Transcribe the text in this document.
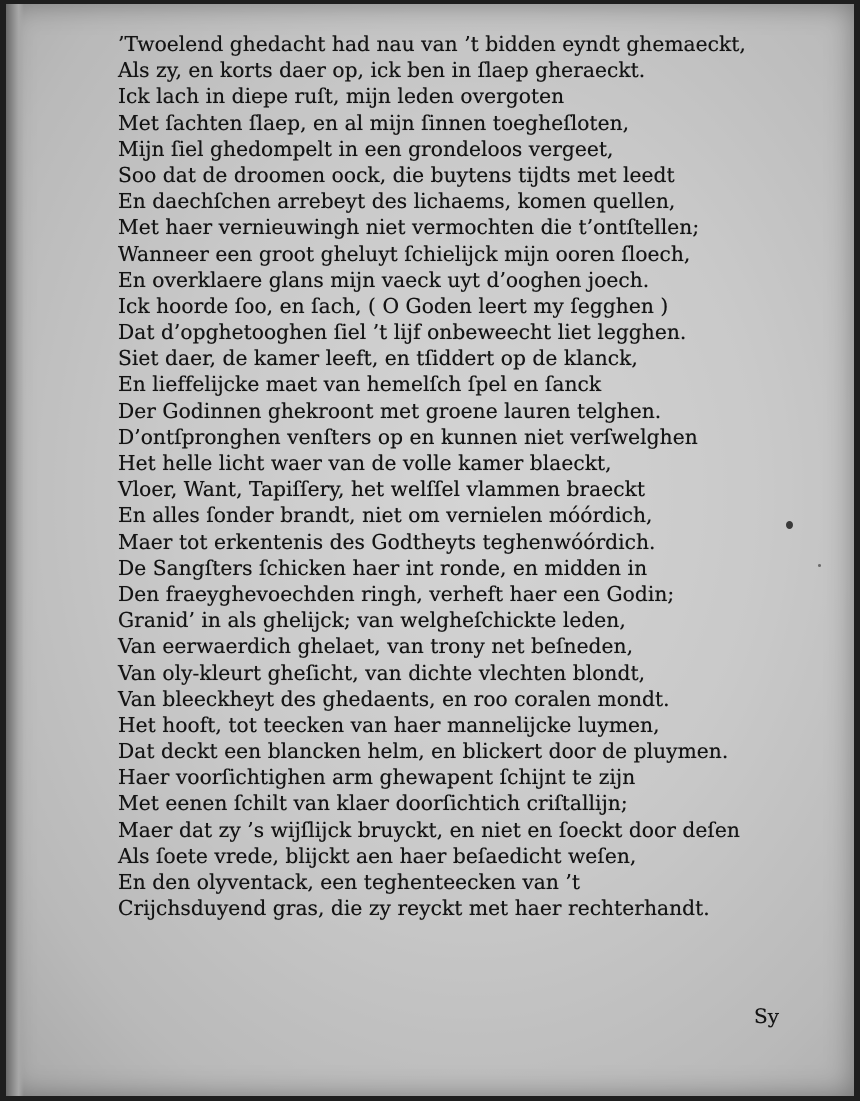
’Twoelend ghedacht had nau van ’t bidden eyndt ghemaeckt,
Als zy, en korts daer op, ick ben in ſlaep gheraeckt.
Ick lach in diepe ruſt, mijn leden overgoten
Met ſachten ſlaep, en al mijn ſinnen toegheſloten,
Mijn ſiel ghedompelt in een grondeloos vergeet,
Soo dat de droomen oock, die buytens tijdts met leedt
En daechſchen arrebeyt des lichaems, komen quellen,
Met haer vernieuwingh niet vermochten die t’ontſtellen;
Wanneer een groot gheluyt ſchielijck mijn ooren ſloech,
En overklaere glans mijn vaeck uyt d’ooghen joech.
Ick hoorde ſoo, en ſach, ( O Goden leert my ſegghen )
Dat d’opghetooghen ſiel ’t lijf onbeweecht liet legghen.
Siet daer, de kamer leeft, en tſiddert op de klanck,
En lieffelijcke maet van hemelſch ſpel en ſanck
Der Godinnen ghekroont met groene lauren telghen.
D’ontſpronghen venſters op en kunnen niet verſwelghen
Het helle licht waer van de volle kamer blaeckt,
Vloer, Want, Tapiſſery, het welſſel vlammen braeckt
En alles ſonder brandt, niet om vernielen móórdich,
Maer tot erkentenis des Godtheyts teghenwóórdich.
De Sangſters ſchicken haer int ronde, en midden in
Den fraeyghevoechden ringh, verheft haer een Godin;
Granid’ in als ghelijck; van welgheſchickte leden,
Van eerwaerdich ghelaet, van trony net beſneden,
Van oly-kleurt gheſicht, van dichte vlechten blondt,
Van bleeckheyt des ghedaents, en roo coralen mondt.
Het hooft, tot teecken van haer mannelijcke luymen,
Dat deckt een blancken helm, en blickert door de pluymen.
Haer voorſichtighen arm ghewapent ſchijnt te zijn
Met eenen ſchilt van klaer doorſichtich criſtallijn;
Maer dat zy ’s wijſlijck bruyckt, en niet en ſoeckt door deſen
Als ſoete vrede, blijckt aen haer beſaedicht weſen,
En den olyventack, een teghenteecken van ’t
Crijchsduyend gras, die zy reyckt met haer rechterhandt.
Sy
